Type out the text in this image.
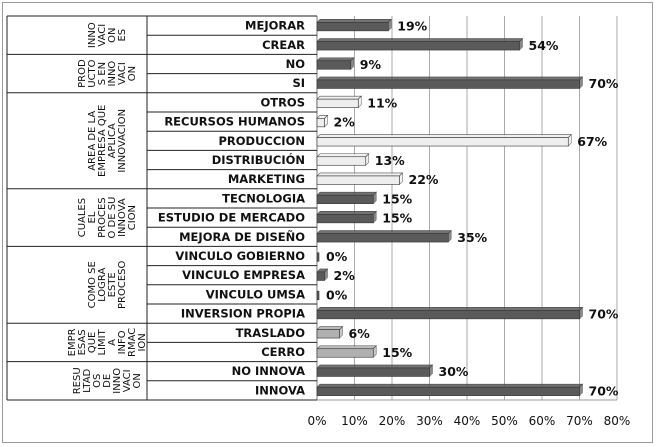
0% 10% 20% 30% 40% 50% 60% 70% 80%
INNO VACI ON ES
MEJORAR	19%
CREAR	54%
PROD UCTO S EN INNO VACI ON
NO	9%
SI	70%
AREA DE LA EMPRESA QUE APLICA INNOVACION
OTROS	11%
RECURSOS HUMANOS 2%
PRODUCCION	67%
DISTRIBUCIÓN	13%
MARKETING	22%
CUALES EL PROCES O DE SU INNOVA CION
TECNOLOGIA	15%
ESTUDIO DE MERCADO	15%
MEJORA DE DISEÑO	35%
COMO SE LOGRA ESTE PROCESO
VINCULO GOBIERNO 0%
VINCULO EMPRESA 2%
VINCULO UMSA 0%
INVERSION PROPIA	70%
EMPR ESAS QUE LIMIT A INFO RMAC ION
TRASLADO	6%
CERRO	15%
RESU LTAD OS DE INNO VACI ON
NO INNOVA	30%
INNOVA	70%
